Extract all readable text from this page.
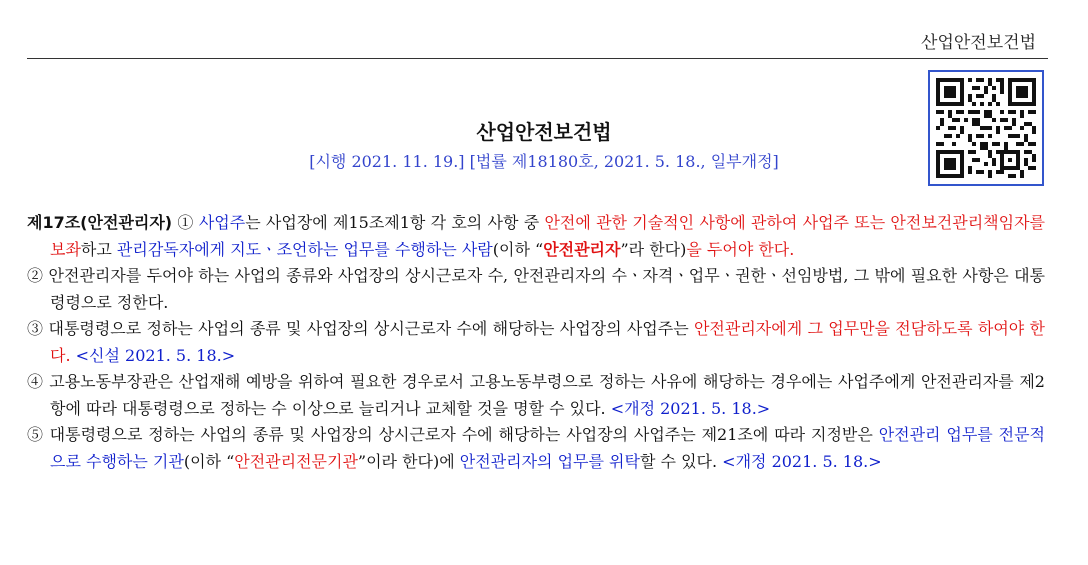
산업안전보건법
산업안전보건법
[시행 2021. 11. 19.] [법률 제18180호, 2021. 5. 18., 일부개정]

제17조(안전관리자) ① 사업주는 사업장에 제15조제1항 각 호의 사항 중 안전에 관한 기술적인 사항에 관하여 사업주 또는 안전보건관리책임자를 보좌하고 관리감독자에게 지도ㆍ조언하는 업무를 수행하는 사람(이하 “안전관리자”라 한다)을 두어야 한다.

② 안전관리자를 두어야 하는 사업의 종류와 사업장의 상시근로자 수, 안전관리자의 수ㆍ자격ㆍ업무ㆍ권한ㆍ선임방법, 그 밖에 필요한 사항은 대통령령으로 정한다.

③ 대통령령으로 정하는 사업의 종류 및 사업장의 상시근로자 수에 해당하는 사업장의 사업주는 안전관리자에게 그 업무만을 전담하도록 하여야 한다. <신설 2021. 5. 18.>

④ 고용노동부장관은 산업재해 예방을 위하여 필요한 경우로서 고용노동부령으로 정하는 사유에 해당하는 경우에는 사업주에게 안전관리자를 제2항에 따라 대통령령으로 정하는 수 이상으로 늘리거나 교체할 것을 명할 수 있다. <개정 2021. 5. 18.>

⑤ 대통령령으로 정하는 사업의 종류 및 사업장의 상시근로자 수에 해당하는 사업장의 사업주는 제21조에 따라 지정받은 안전관리 업무를 전문적으로 수행하는 기관(이하 “안전관리전문기관”이라 한다)에 안전관리자의 업무를 위탁할 수 있다. <개정 2021. 5. 18.>
